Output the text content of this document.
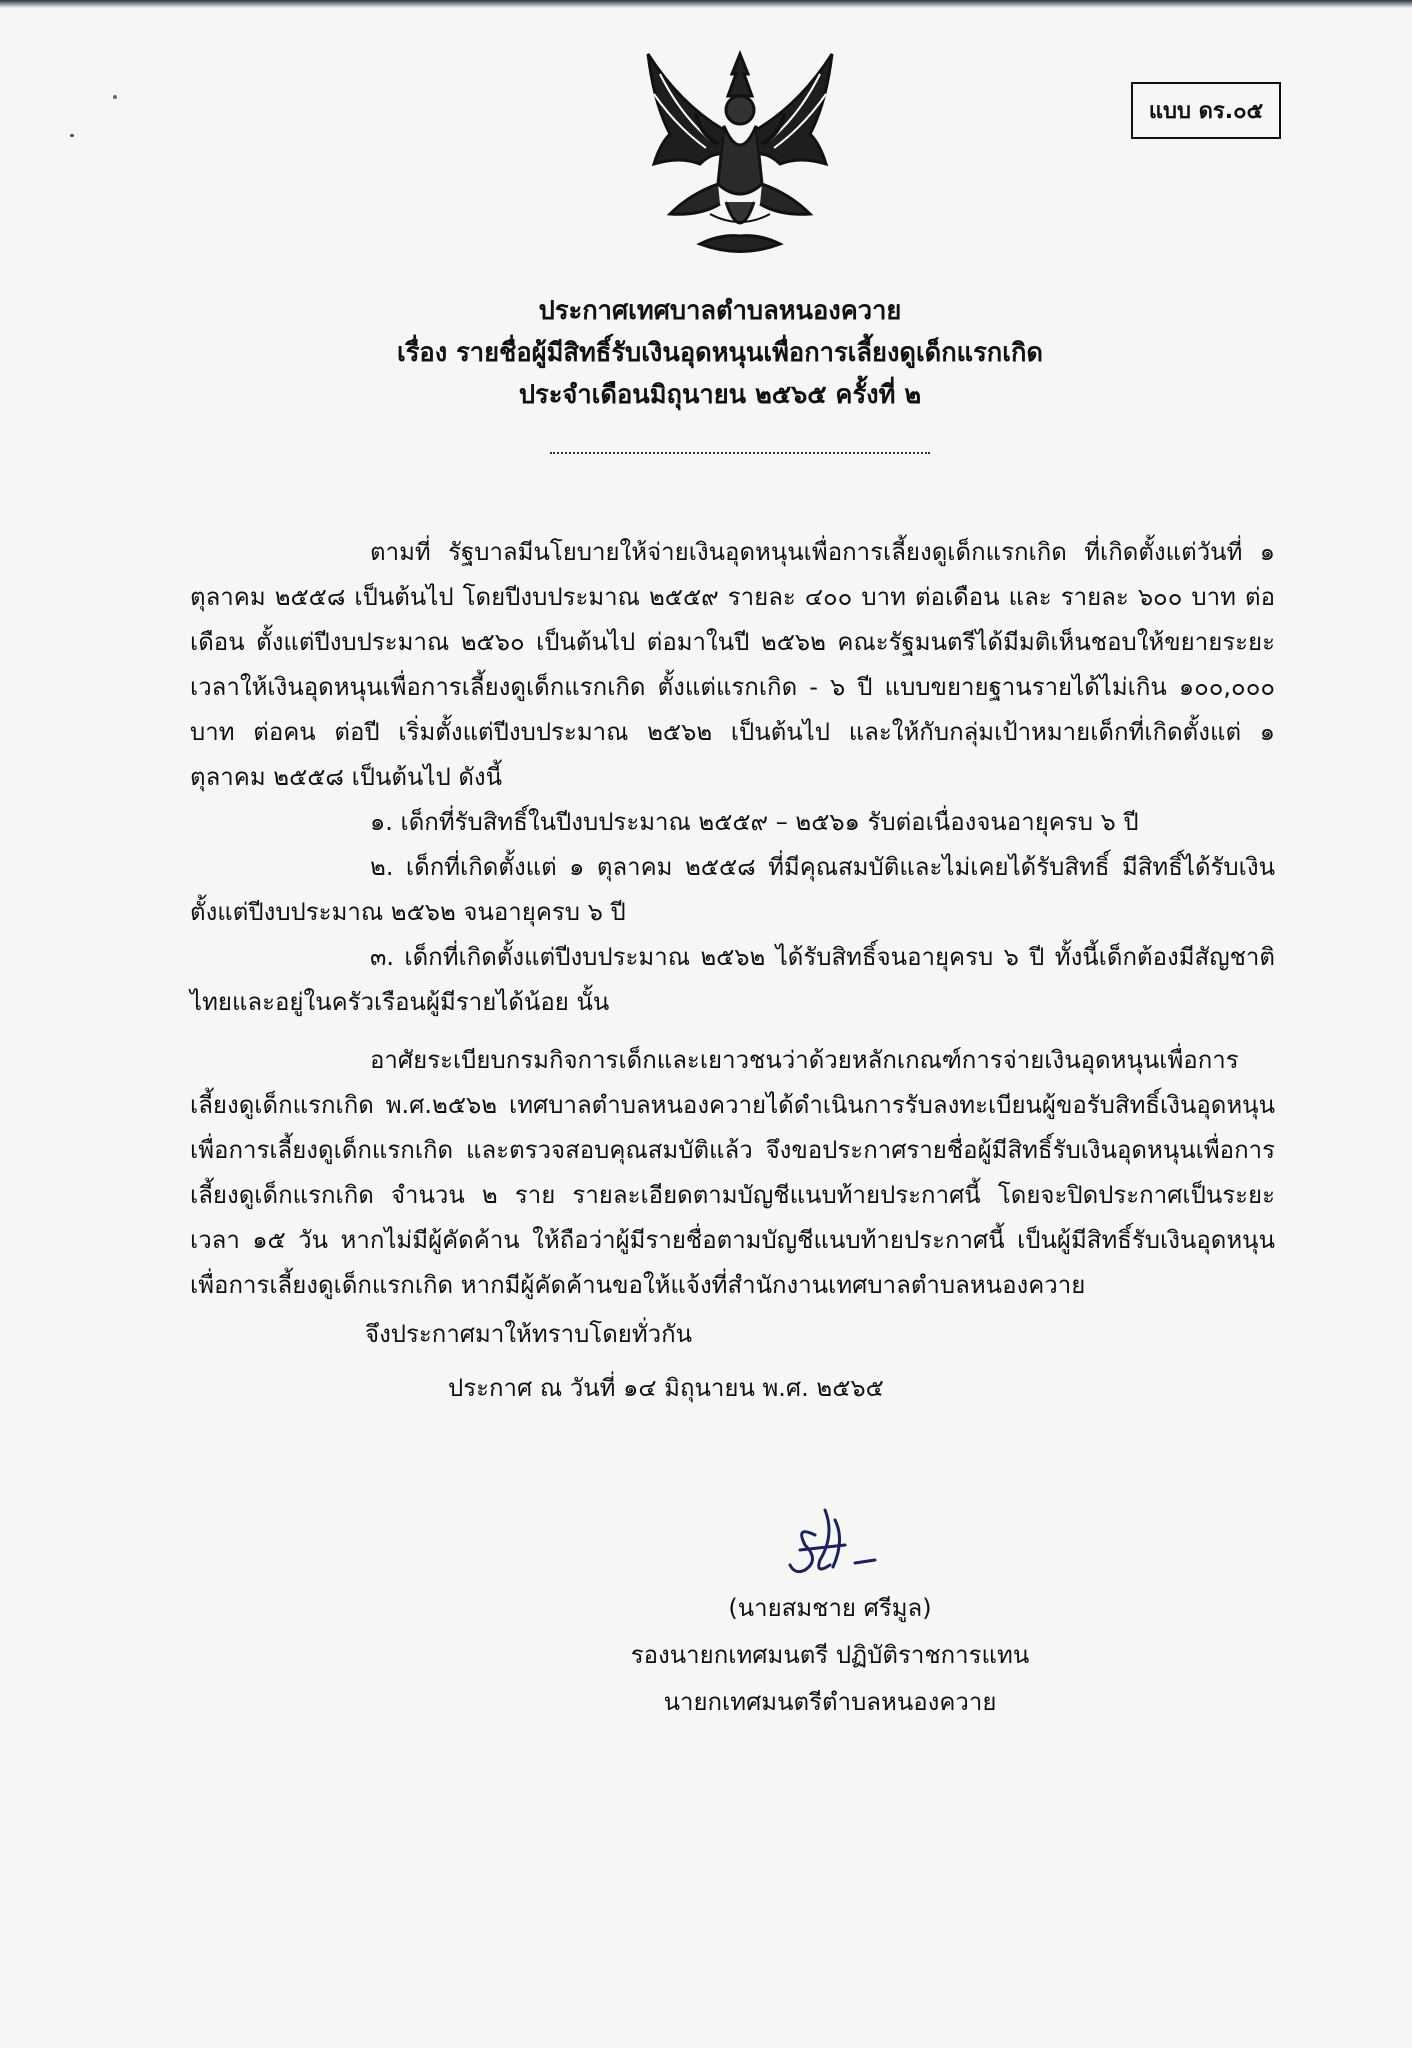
แบบ ดร.๐๕
ประกาศเทศบาลตำบลหนองควาย
เรื่อง รายชื่อผู้มีสิทธิ์รับเงินอุดหนุนเพื่อการเลี้ยงดูเด็กแรกเกิด
ประจำเดือนมิถุนายน ๒๕๖๕ ครั้งที่ ๒

ตามที่ รัฐบาลมีนโยบายให้จ่ายเงินอุดหนุนเพื่อการเลี้ยงดูเด็กแรกเกิด ที่เกิดตั้งแต่วันที่ ๑ ตุลาคม ๒๕๕๘ เป็นต้นไป โดยปีงบประมาณ ๒๕๕๙ รายละ ๔๐๐ บาท ต่อเดือน และ รายละ ๖๐๐ บาท ต่อเดือน ตั้งแต่ปีงบประมาณ ๒๕๖๐ เป็นต้นไป ต่อมาในปี ๒๕๖๒ คณะรัฐมนตรีได้มีมติเห็นชอบให้ขยายระยะเวลาให้เงินอุดหนุนเพื่อการเลี้ยงดูเด็กแรกเกิด ตั้งแต่แรกเกิด - ๖ ปี แบบขยายฐานรายได้ไม่เกิน ๑๐๐,๐๐๐ บาท ต่อคน ต่อปี เริ่มตั้งแต่ปีงบประมาณ ๒๕๖๒ เป็นต้นไป และให้กับกลุ่มเป้าหมายเด็กที่เกิดตั้งแต่ ๑ ตุลาคม ๒๕๕๘ เป็นต้นไป ดังนี้

๑. เด็กที่รับสิทธิ์ในปีงบประมาณ ๒๕๕๙ – ๒๕๖๑ รับต่อเนื่องจนอายุครบ ๖ ปี

๒. เด็กที่เกิดตั้งแต่ ๑ ตุลาคม ๒๕๕๘ ที่มีคุณสมบัติและไม่เคยได้รับสิทธิ์ มีสิทธิ์ได้รับเงินตั้งแต่ปีงบประมาณ ๒๕๖๒ จนอายุครบ ๖ ปี

๓. เด็กที่เกิดตั้งแต่ปีงบประมาณ ๒๕๖๒ ได้รับสิทธิ์จนอายุครบ ๖ ปี ทั้งนี้เด็กต้องมีสัญชาติไทยและอยู่ในครัวเรือนผู้มีรายได้น้อย นั้น

อาศัยระเบียบกรมกิจการเด็กและเยาวชนว่าด้วยหลักเกณฑ์การจ่ายเงินอุดหนุนเพื่อการเลี้ยงดูเด็กแรกเกิด พ.ศ.๒๕๖๒ เทศบาลตำบลหนองควายได้ดำเนินการรับลงทะเบียนผู้ขอรับสิทธิ์เงินอุดหนุนเพื่อการเลี้ยงดูเด็กแรกเกิด และตรวจสอบคุณสมบัติแล้ว จึงขอประกาศรายชื่อผู้มีสิทธิ์รับเงินอุดหนุนเพื่อการเลี้ยงดูเด็กแรกเกิด จำนวน ๒ ราย รายละเอียดตามบัญชีแนบท้ายประกาศนี้ โดยจะปิดประกาศเป็นระยะเวลา ๑๕ วัน หากไม่มีผู้คัดค้าน ให้ถือว่าผู้มีรายชื่อตามบัญชีแนบท้ายประกาศนี้ เป็นผู้มีสิทธิ์รับเงินอุดหนุนเพื่อการเลี้ยงดูเด็กแรกเกิด หากมีผู้คัดค้านขอให้แจ้งที่สำนักงานเทศบาลตำบลหนองควาย

จึงประกาศมาให้ทราบโดยทั่วกัน
ประกาศ ณ วันที่ ๑๔ มิถุนายน พ.ศ. ๒๕๖๕
(นายสมชาย ศรีมูล)
รองนายกเทศมนตรี ปฏิบัติราชการแทน
นายกเทศมนตรีตำบลหนองควาย
